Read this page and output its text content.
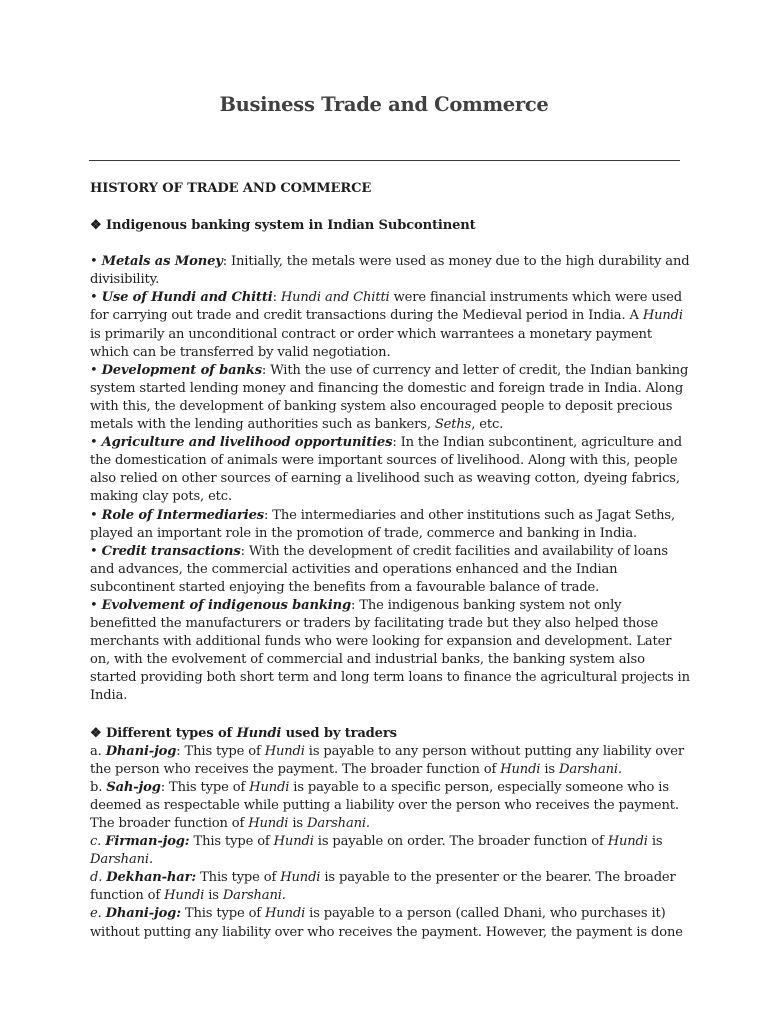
Business Trade and Commerce

HISTORY OF TRADE AND COMMERCE

❖ Indigenous banking system in Indian Subcontinent

• Metals as Money: Initially, the metals were used as money due to the high durability and divisibility.

• Use of Hundi and Chitti: Hundi and Chitti were financial instruments which were used for carrying out trade and credit transactions during the Medieval period in India. A Hundi is primarily an unconditional contract or order which warrantees a monetary payment which can be transferred by valid negotiation.

• Development of banks: With the use of currency and letter of credit, the Indian banking system started lending money and financing the domestic and foreign trade in India. Along with this, the development of banking system also encouraged people to deposit precious metals with the lending authorities such as bankers, Seths, etc.

• Agriculture and livelihood opportunities: In the Indian subcontinent, agriculture and the domestication of animals were important sources of livelihood. Along with this, people also relied on other sources of earning a livelihood such as weaving cotton, dyeing fabrics, making clay pots, etc.

• Role of Intermediaries: The intermediaries and other institutions such as Jagat Seths, played an important role in the promotion of trade, commerce and banking in India.

• Credit transactions: With the development of credit facilities and availability of loans and advances, the commercial activities and operations enhanced and the Indian subcontinent started enjoying the benefits from a favourable balance of trade.

• Evolvement of indigenous banking: The indigenous banking system not only benefitted the manufacturers or traders by facilitating trade but they also helped those merchants with additional funds who were looking for expansion and development. Later on, with the evolvement of commercial and industrial banks, the banking system also started providing both short term and long term loans to finance the agricultural projects in India.

❖ Different types of Hundi used by traders

a. Dhani-jog: This type of Hundi is payable to any person without putting any liability over the person who receives the payment. The broader function of Hundi is Darshani.

b. Sah-jog: This type of Hundi is payable to a specific person, especially someone who is deemed as respectable while putting a liability over the person who receives the payment. The broader function of Hundi is Darshani.

c. Firman-jog: This type of Hundi is payable on order. The broader function of Hundi is Darshani.

d. Dekhan-har: This type of Hundi is payable to the presenter or the bearer. The broader function of Hundi is Darshani.

e. Dhani-jog: This type of Hundi is payable to a person (called Dhani, who purchases it) without putting any liability over who receives the payment. However, the payment is done
